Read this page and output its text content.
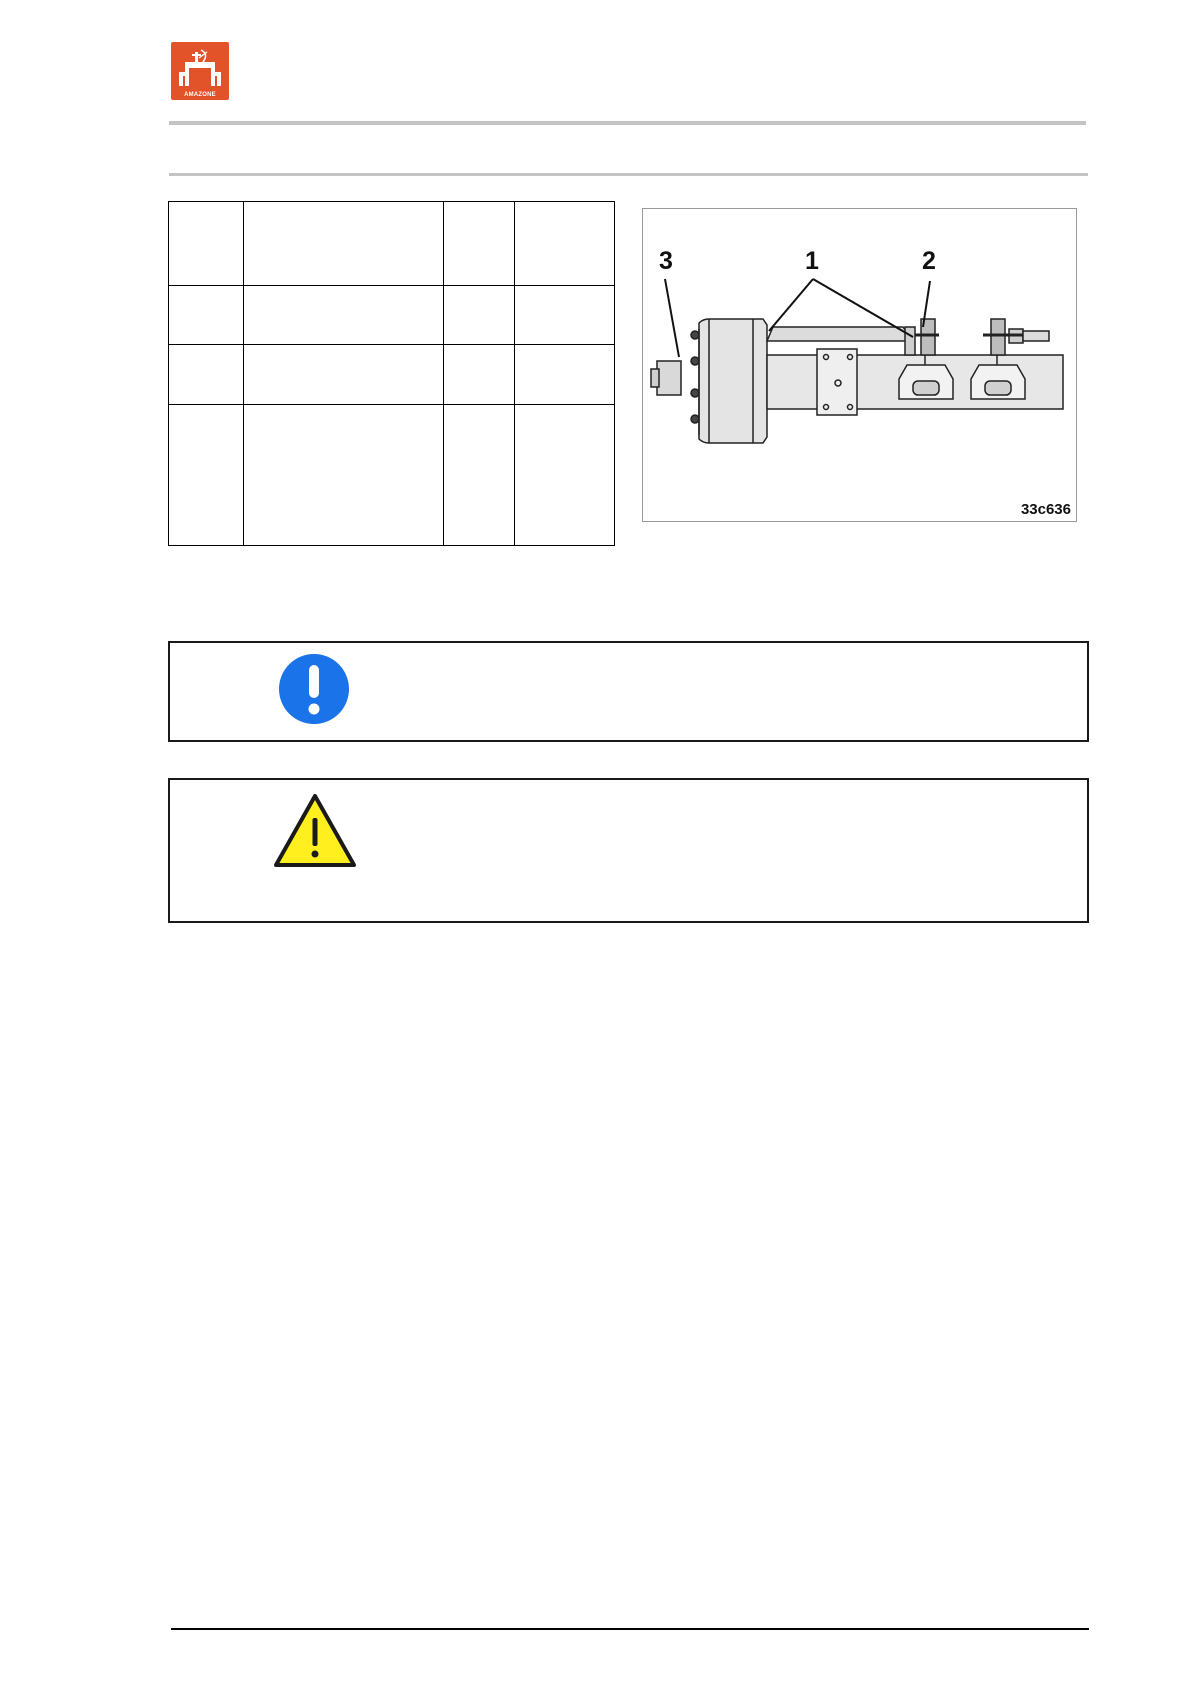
AMAZONE

3	1	2
33c636
